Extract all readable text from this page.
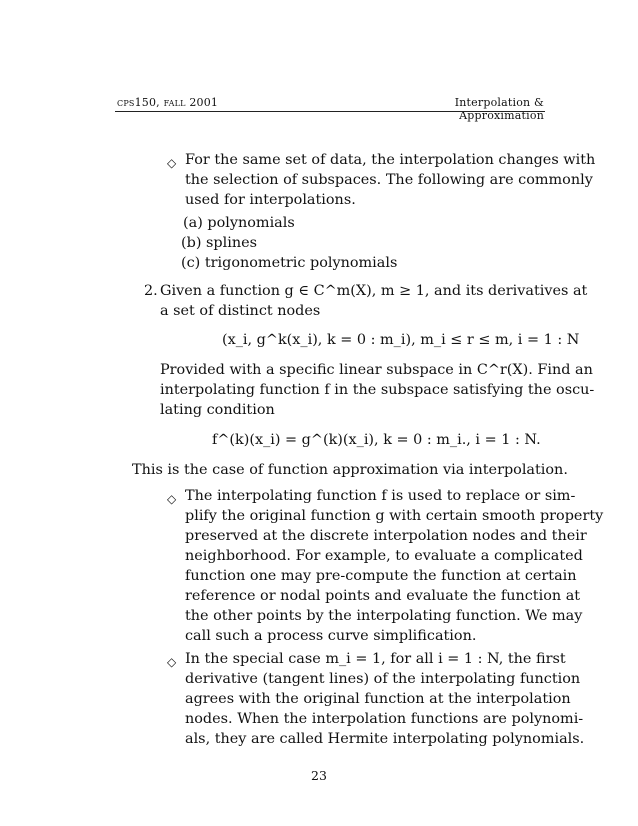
cps150, fall 2001	Interpolation & Approximation
◇ For the same set of data, the interpolation changes with
the selection of subspaces. The following are commonly
used for interpolations.
(a) polynomials
(b) splines
(c) trigonometric polynomials
2. Given a function g ∈ C^m(X), m ≥ 1, and its derivatives at
a set of distinct nodes
(x_i, g^k(x_i), k = 0 : m_i), m_i ≤ r ≤ m, i = 1 : N
Provided with a specific linear subspace in C^r(X). Find an
interpolating function f in the subspace satisfying the oscu-
lating condition
f^(k)(x_i) = g^(k)(x_i), k = 0 : m_i., i = 1 : N.
This is the case of function approximation via interpolation.
◇ The interpolating function f is used to replace or sim-
plify the original function g with certain smooth property
preserved at the discrete interpolation nodes and their
neighborhood. For example, to evaluate a complicated
function one may pre-compute the function at certain
reference or nodal points and evaluate the function at
the other points by the interpolating function. We may
call such a process curve simplification.
◇ In the special case m_i = 1, for all i = 1 : N, the first
derivative (tangent lines) of the interpolating function
agrees with the original function at the interpolation
nodes. When the interpolation functions are polynomi-
als, they are called Hermite interpolating polynomials.
23
